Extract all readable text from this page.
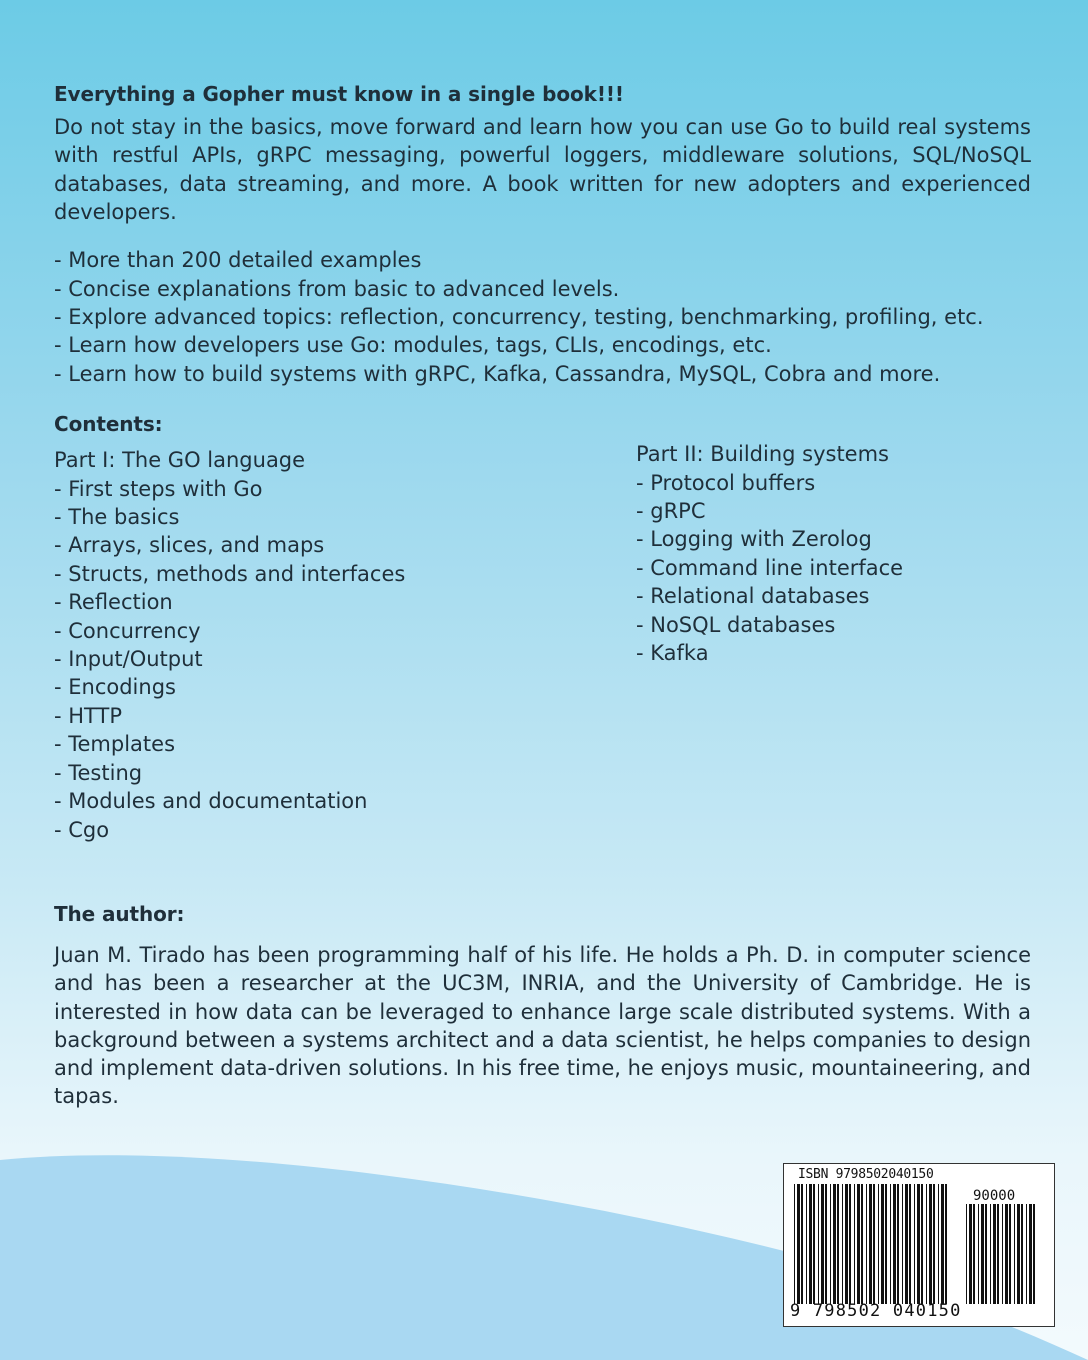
Everything a Gopher must know in a single book!!!

Do not stay in the basics, move forward and learn how you can use Go to build real systems with restful APIs, gRPC messaging, powerful loggers, middleware solutions, SQL/NoSQL databases, data streaming, and more. A book written for new adopters and experienced developers.

- More than 200 detailed examples
- Concise explanations from basic to advanced levels.
- Explore advanced topics: reflection, concurrency, testing, benchmarking, profiling, etc.
- Learn how developers use Go: modules, tags, CLIs, encodings, etc.
- Learn how to build systems with gRPC, Kafka, Cassandra, MySQL, Cobra and more.
Contents:
Part I: The GO language
- First steps with Go
- The basics
- Arrays, slices, and maps
- Structs, methods and interfaces
- Reflection
- Concurrency
- Input/Output
- Encodings
- HTTP
- Templates
- Testing
- Modules and documentation
- Cgo
Part II: Building systems
- Protocol buffers
- gRPC
- Logging with Zerolog
- Command line interface
- Relational databases
- NoSQL databases
- Kafka
The author:

Juan M. Tirado has been programming half of his life. He holds a Ph. D. in computer science and has been a researcher at the UC3M, INRIA, and the University of Cambridge. He is interested in how data can be leveraged to enhance large scale distributed systems. With a background between a systems architect and a data scientist, he helps companies to design and implement data-driven solutions. In his free time, he enjoys music, mountaineering, and tapas.

ISBN 9798502040150
90000
9 798502 040150
